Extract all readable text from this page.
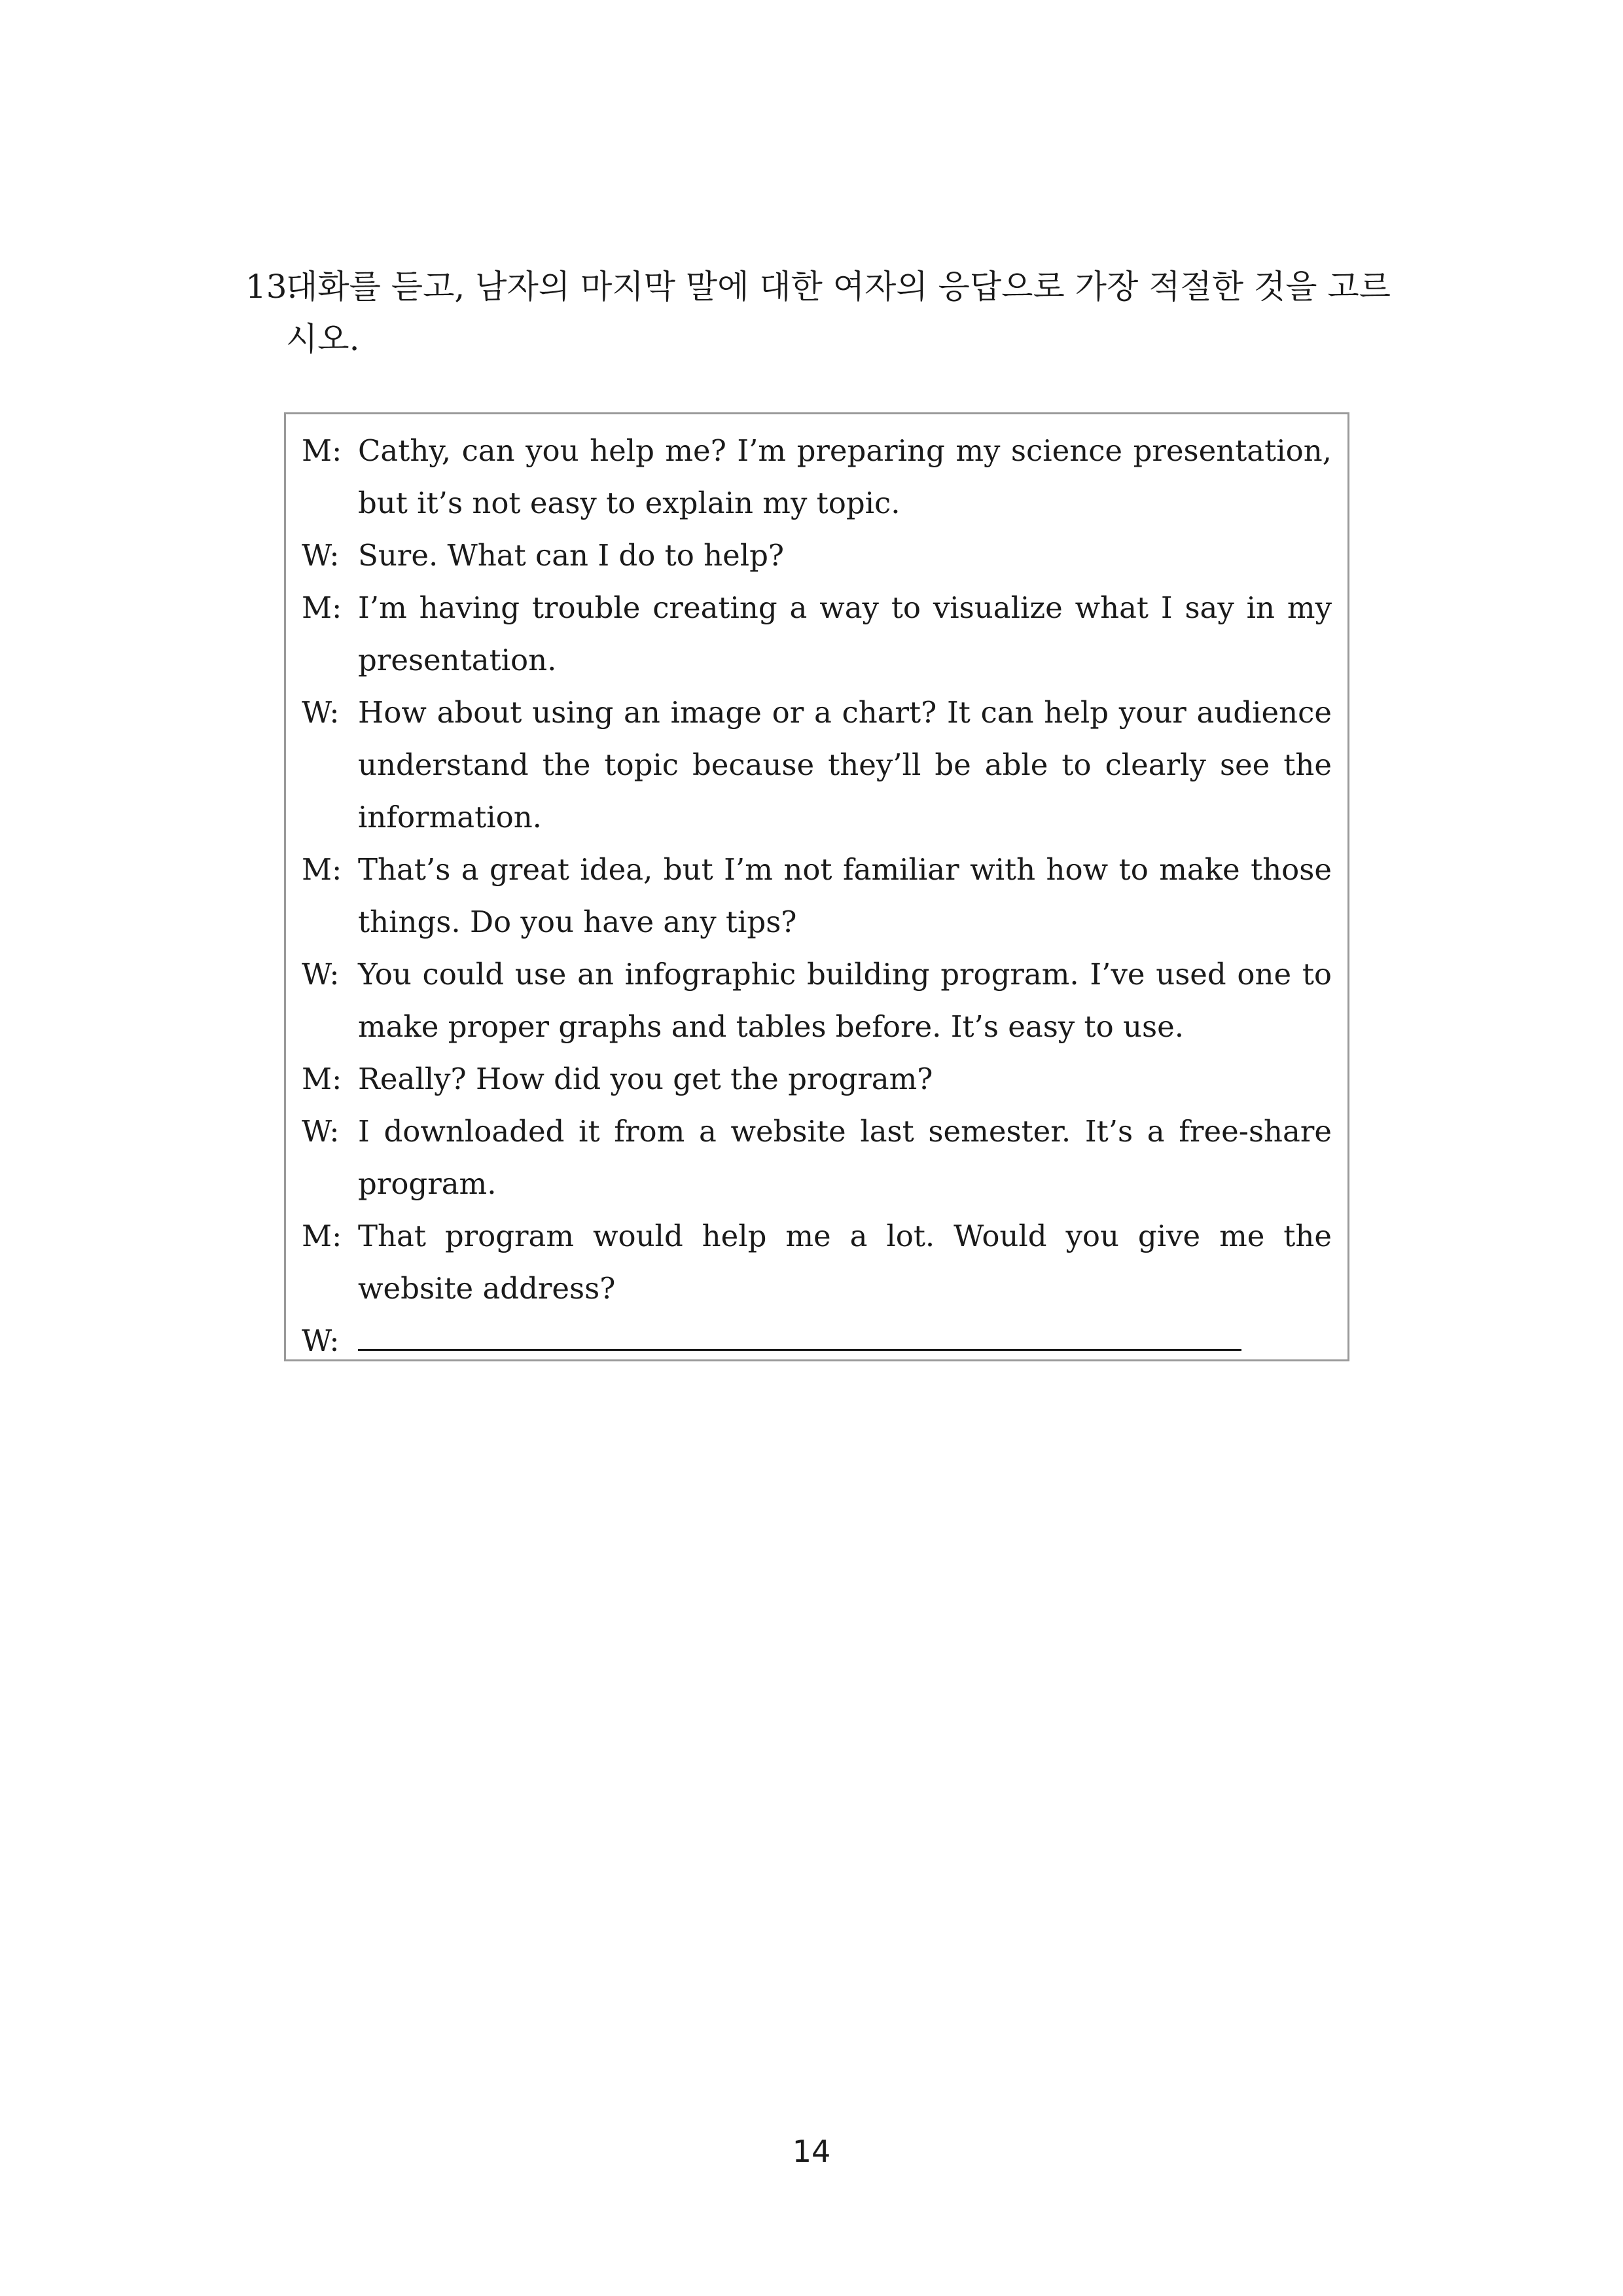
13.
대화를 듣고, 남자의 마지막 말에 대한 여자의 응답으로 가장 적절한 것을 고르시오.
M: Cathy, can you help me? I’m preparing my science presentation, but it’s not easy to explain my topic.
W: Sure. What can I do to help?
M: I’m having trouble creating a way to visualize what I say in my presentation.
W: How about using an image or a chart? It can help your audience understand the topic because they’ll be able to clearly see the information.
M: That’s a great idea, but I’m not familiar with how to make those things. Do you have any tips?
W: You could use an infographic building program. I’ve used one to make proper graphs and tables before. It’s easy to use.
M: Really? How did you get the program?
W: I downloaded it from a website last semester. It’s a free-share program.
M: That program would help me a lot. Would you give me the website address?
W:
14
